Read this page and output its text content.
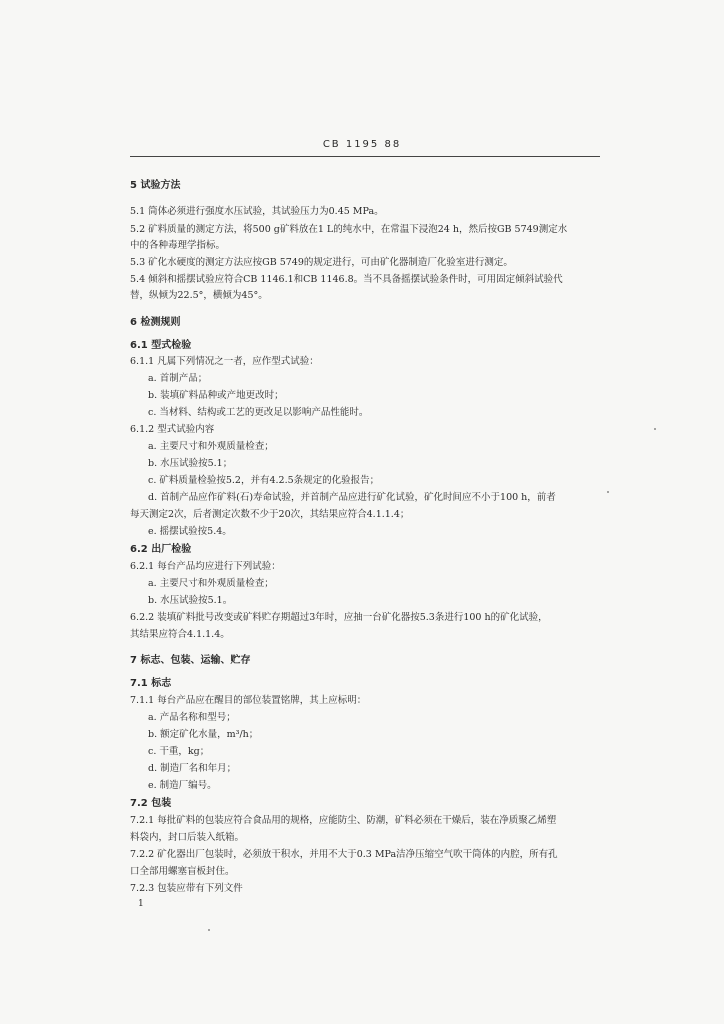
CB 1195 88
5 试验方法
5.1 筒体必须进行强度水压试验，其试验压力为0.45 MPa。
5.2 矿料质量的测定方法，将500 g矿料放在1 L的纯水中，在常温下浸泡24 h，然后按GB 5749测定水
中的各种毒理学指标。
5.3 矿化水硬度的测定方法应按GB 5749的规定进行，可由矿化器制造厂化验室进行测定。
5.4 倾斜和摇摆试验应符合CB 1146.1和CB 1146.8。当不具备摇摆试验条件时，可用固定倾斜试验代
替，纵倾为22.5°，横倾为45°。
6 检测规则
6.1 型式检验
6.1.1 凡属下列情况之一者，应作型式试验：
a. 首制产品；
b. 装填矿料品种或产地更改时；
c. 当材料、结构或工艺的更改足以影响产品性能时。
6.1.2 型式试验内容
a. 主要尺寸和外观质量检查；
b. 水压试验按5.1；
c. 矿料质量检验按5.2，并有4.2.5条规定的化验报告；
d. 首制产品应作矿料(石)寿命试验，并首制产品应进行矿化试验，矿化时间应不小于100 h，前者
每天测定2次，后者测定次数不少于20次，其结果应符合4.1.1.4；
e. 摇摆试验按5.4。
6.2 出厂检验
6.2.1 每台产品均应进行下列试验：
a. 主要尺寸和外观质量检查；
b. 水压试验按5.1。
6.2.2 装填矿料批号改变或矿料贮存期超过3年时，应抽一台矿化器按5.3条进行100 h的矿化试验，
其结果应符合4.1.1.4。
7 标志、包装、运输、贮存
7.1 标志
7.1.1 每台产品应在醒目的部位装置铭牌，其上应标明：
a. 产品名称和型号；
b. 额定矿化水量，m³/h；
c. 干重，kg；
d. 制造厂名和年月；
e. 制造厂编号。
7.2 包装
7.2.1 每批矿料的包装应符合食品用的规格，应能防尘、防潮，矿料必须在干燥后，装在净质聚乙烯塑
料袋内，封口后装入纸箱。
7.2.2 矿化器出厂包装时，必须放干积水，并用不大于0.3 MPa洁净压缩空气吹干筒体的内腔，所有孔
口全部用螺塞盲板封住。
7.2.3 包装应带有下列文件
1
